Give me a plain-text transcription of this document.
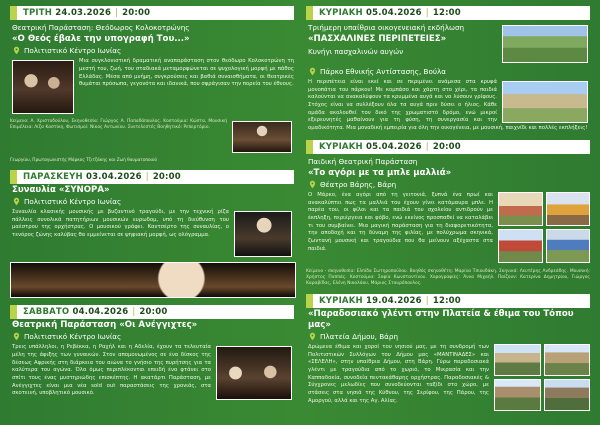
ΤΡΙΤΗ
24.03.2026 | 20:00
Θεατρική Παράσταση: Θεόδωρος Κολοκοτρώνης
«Ο Θεός έβαλε την υπογραφή Του...»
Πολιτιστικό Κέντρο Ιωνίας
Μια συγκλονιστική δραματική αναπαράσταση στον θεόδωρο Κολοκοτρώνη τη μεστή του, ζωή, του σταδιακά μεταμορφώνεται σε ψυχολογική μορφή με πάθος Ελλάδας. Μέσα από μνήμη, συγκρούσεις και βαθιά συναισθήματα, οι θεατρικές θυμάται πρόσωπα, γεγονότα και ιδανικά, που σφράγισαν την πορεία του έθνους.
Κείμενο: Α. Χριστοδούλου, Σκηνοθεσία: Γιώργος Α. Παπαδόπουλος. Κοστούμια: Κώστα, Μουσική Επιμέλεια: Λίζα Κοστίκη, Φωτισμοί: Νίκος Αντωνίου. Συντελεστές Βοηθητικό: Ρεπερτόριο.
Γεωργίου, Πρωταγωνιστής Μάρκος Τζιτζάκης και Ζωή θαυματοποιού
ΠΑΡΑΣΚΕΥΗ
03.04.2026 | 20:00
Συναυλία «ΣΥΝΟΡΑ»
Πολιτιστικό Κέντρο Ιωνίας
Συναυλία κλασικής μουσικής με βυζαντινό τραγούδι, με την τεχνική ρίζα πάλλεις συνολικά πατητήριων μουσικών ευρωδομ, υπό τη διεύθυνση του μαέστρου της ορχήστρας. Ο μουσικού γράφει. Καντσέρτο της συναυλίας, ο τενόρος ζώνης καλύβας θα εμμείνεται σε ψηφιακή μορφή, ως ολόγραμμα.
ΣΑΒΒΑΤΟ
04.04.2026 | 20:00
Θεατρική Παράσταση «Οι Ανέγγιχτες»
Πολιτιστικό Κέντρο Ιωνίας
Τρεις υπάλληλοι, η Ρεβέκκα, η Ραχήλ και η Αδελία, έχουν τα τελευταία μέλη της άφιξης των γυναικών. Στον απομονωμένος σε ένα δίσκος της δέσεως Αφρικής στη διάρκεια του αιώνα το γνήσιο της πυρήτσης για τα καλύτερα του αγώνα. Όλα όμως περιπλέκονται επειδή ένα φτάνει στο σπίτι τους ένας μυστηριώδης επισκέπτης. Η ακατάρτι Παράσταση, με Ανέγγιχτες είναι μια νέα sold out παραστάσεις της χρονιάς, στα σκοτεινή, υποβλητικό μουσικό.
ΚΥΡΙΑΚΗ
05.04.2026 | 12:00
Τριήμερη υπαίθρια οικογενειακή εκδήλωση
«ΠΑΣΧΑΛΙΝΕΣ ΠΕΡΙΠΕΤΕΙΕΣ»
Κυνήγι πασχαλινών αυγών
Πάρκο Εθνικής Αντίστασης, Βούλα
Η περιπέτεια είναι εκεί και σε περιμένει ανάμεσα στα κρυφά μονοπάτια του πάρκου! Με κομπάσο και χάρτη στο χέρι, τα παιδιά καλούνται να ανακαλύψουν τα κρυμμένα αυγά και να λύσουν γρίφους. Στόχος είναι να συλλέξουν όλα τα αυγά πριν δύσει ο ήλιος. Κάθε ομάδα ακολουθεί τον δικό της χρωματιστό δρόμο, ενώ μικροί εξερευνητές μαθαίνουν για τη φύση, τη συνεργασία και την ομαδικότητα. Μια μοναδική εμπειρία για όλη την οικογένεια, με μουσική, παιχνίδι και πολλές εκπλήξεις!
ΚΥΡΙΑΚΗ
05.04.2026 | 20:00
Παιδική Θεατρική Παράσταση
«Το αγόρι με τα μπλε μαλλιά»
Θέατρο Βάρης, Βάρη
Ο Μάρκο, ένα αγόρι από τη γειτονιά, ξυπνά ένα πρωί και ανακαλύπτει πως τα μαλλιά του έχουν γίνει κατάμαυρα μπλε. Η παρέα του, οι φίλοι και τα παιδιά του σχολείου αντιδρούν με έκπληξη, περιέργεια και φόβο, ενώ εκείνος προσπαθεί να καταλάβει τι του συμβαίνει. Μια μαγική παράσταση για τη διαφορετικότητα, την αποδοχή και τη δύναμη της φιλίας, με πολύχρωμα σκηνικά, ζωντανή μουσική και τραγούδια που θα μείνουν αξέχαστα στα παιδιά.
Κείμενο - σκηνοθεσία: Ελπίδα Σωτηροπούλου. Βοηθός σκηνοθέτη: Μαρίνα Τσιουδάκη. Σκηνικά: Λευτέρης Ανδρεάδης. Μουσική: Χρήστος Παππάς. Κοστούμια: Σοφία Κωνσταντίνου. Χορογραφίες: Άννα Μιχαήλ. Παίζουν: Κατερίνα Δημητρίου, Γιώργος Καραβίδας, Ελένη Νικολάου, Μάριος Σταυρόπουλος.
ΚΥΡΙΑΚΗ
19.04.2026 | 12:00
«Παραδοσιακό γλέντι στην Πλατεία & έθιμα του Τόπου μας»
Πλατεία Δήμου, Βάρη
Δρώμενα έθιμα και χοροί του νησιού μας, με τη συνδρομή των Πολιτιστικών Συλλόγων του Δήμου μας «ΜΑΝΤΙΝΑΔΕΣ» και «ΣΕΛΕΛΗ», στην υπαίθρια Δήμου, στη Βάρη. Γύρω παραδοσιακά γλέντι με τραγούδια από το χωριό, το Μικρασία και την Καππαδοκία, συνοδεία πεντακάθαρης ορχήστρας. Παραδοσιακές & Σύγχρονες μελωδίες που συνοδεύονται ταξίδι στο χώρο, με στάσεις στα νησιά της Κύθνου, της Σερίφου, της Πάρου, της Αμοργού, αλλά και της Αγ. Αλίας.
